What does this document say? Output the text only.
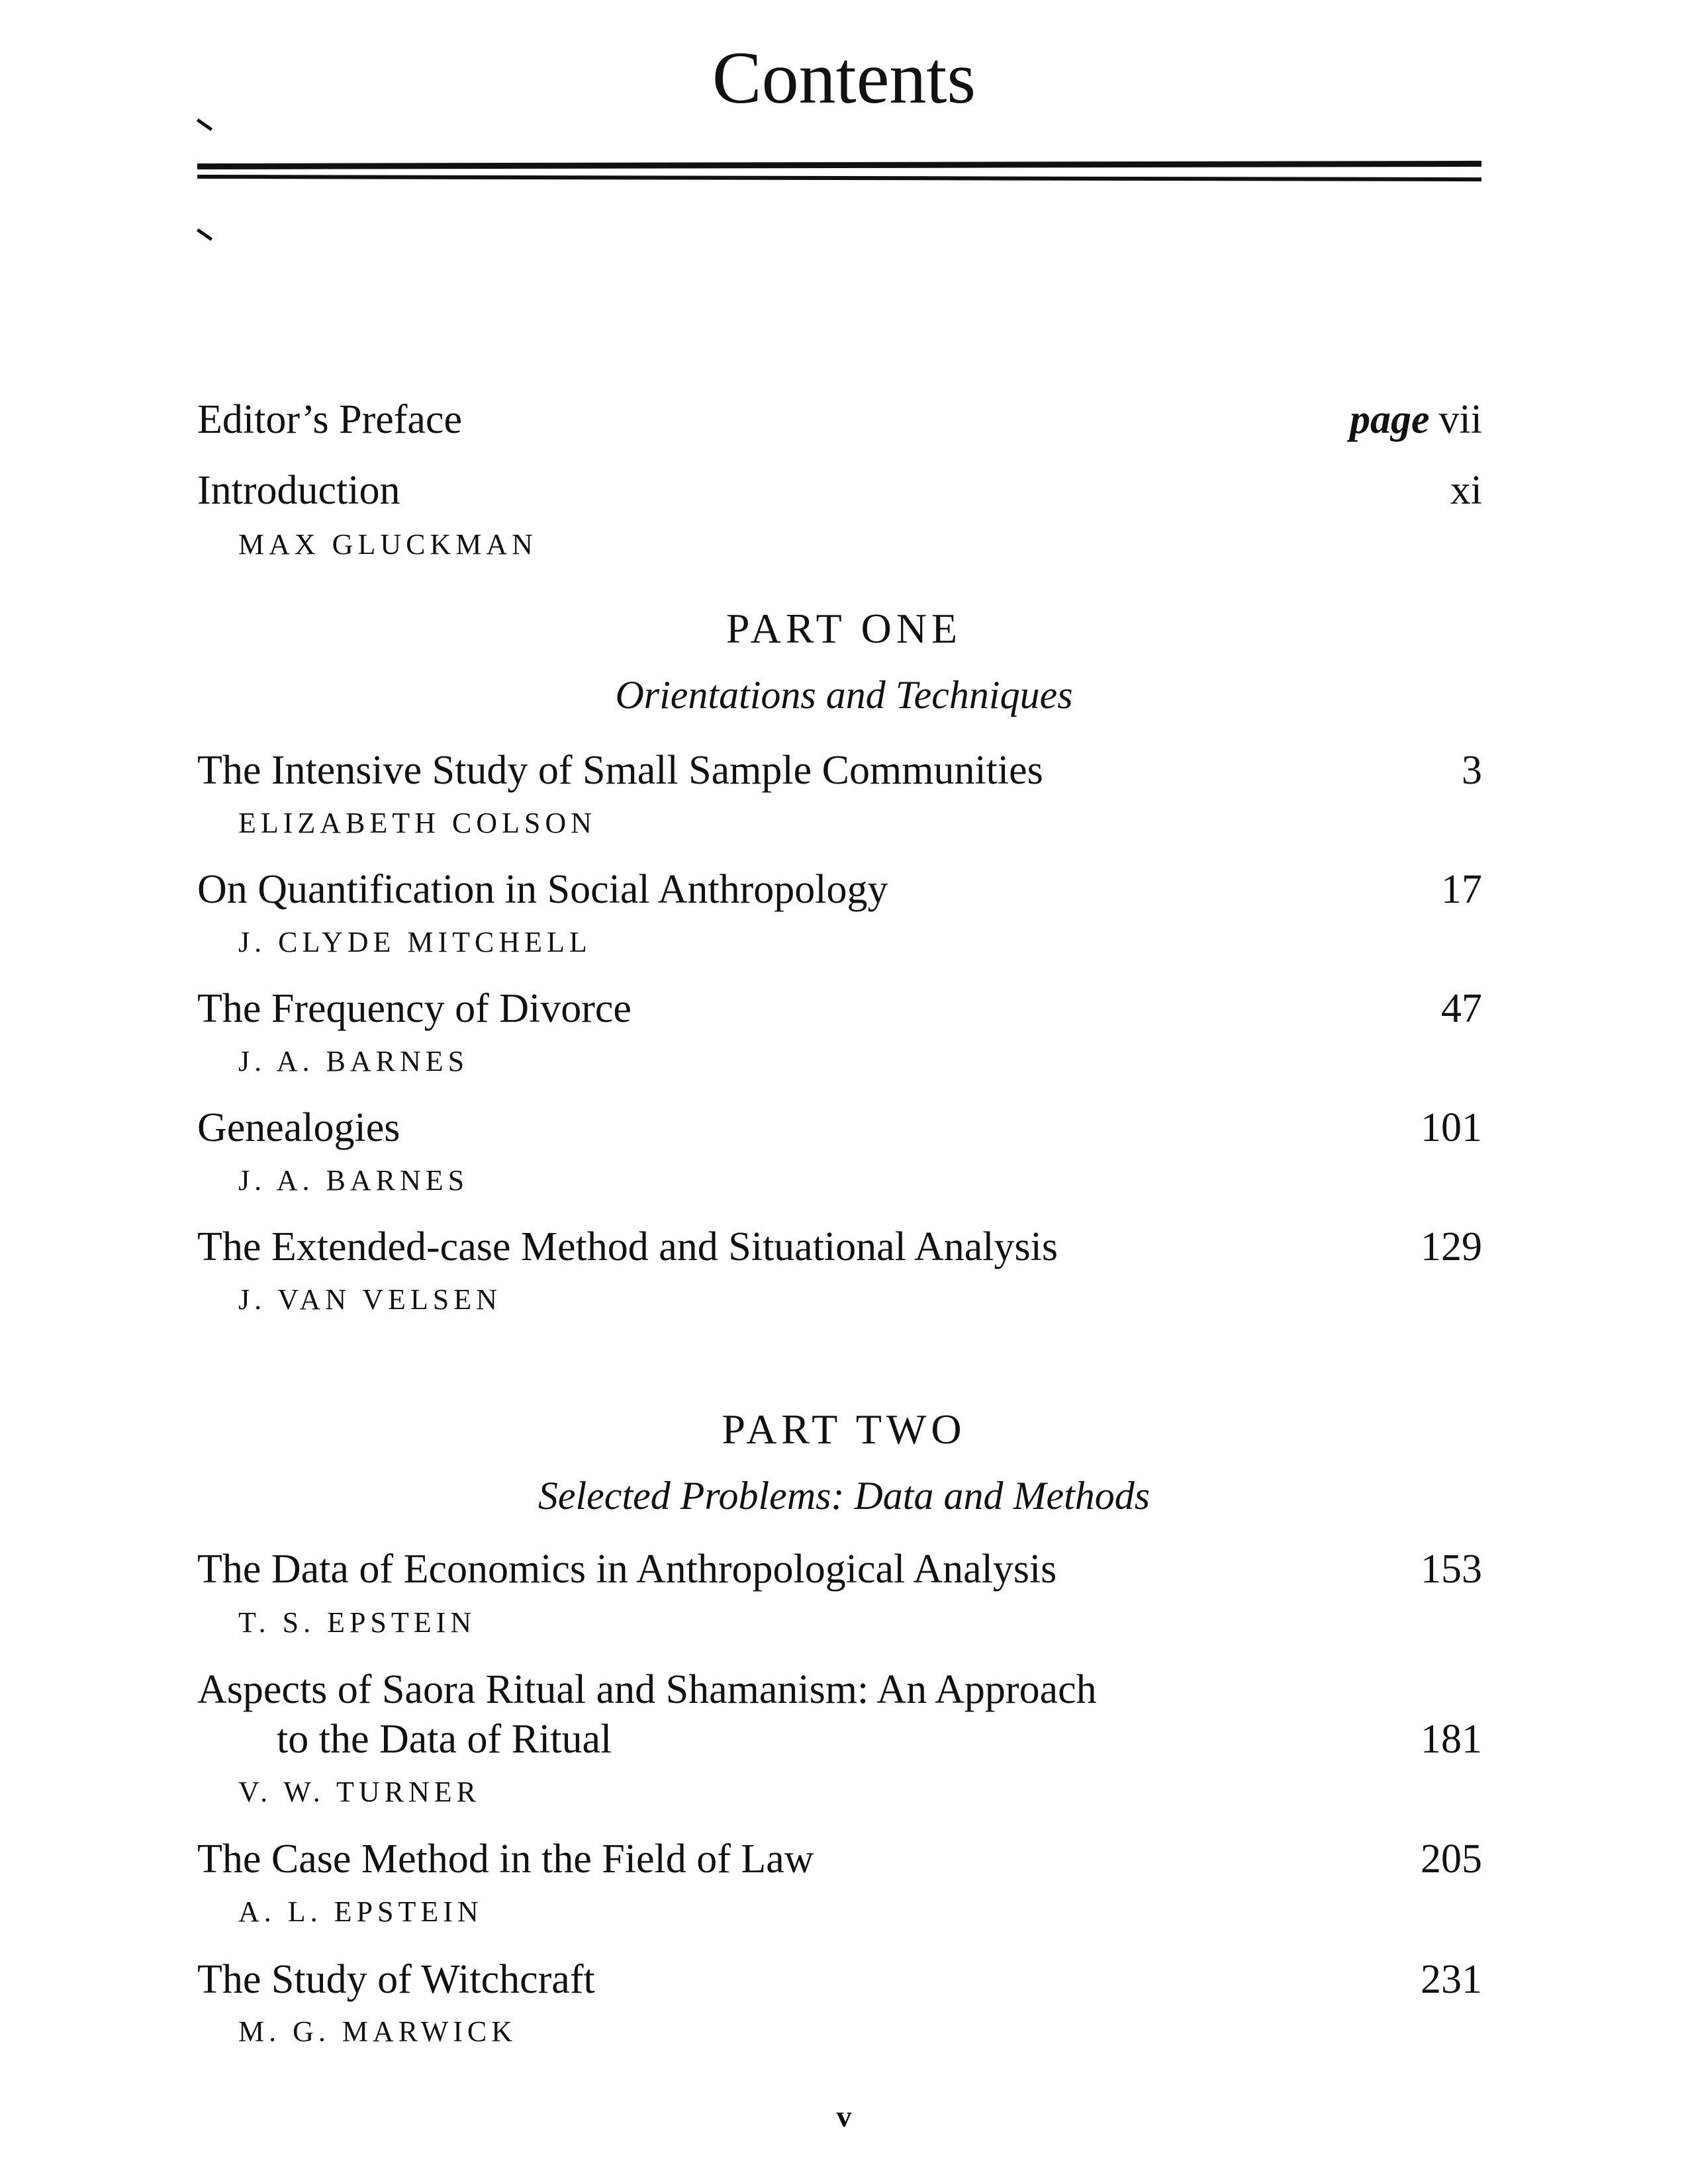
Contents
Editor’s Preface	page vii
Introduction	xi
MAX GLUCKMAN
PART ONE
Orientations and Techniques
The Intensive Study of Small Sample Communities	3
ELIZABETH COLSON
On Quantification in Social Anthropology	17
J. CLYDE MITCHELL
The Frequency of Divorce	47
J. A. BARNES
Genealogies	101
J. A. BARNES
The Extended-case Method and Situational Analysis	129
J. VAN VELSEN
PART TWO
Selected Problems: Data and Methods
The Data of Economics in Anthropological Analysis	153
T. S. EPSTEIN
Aspects of Saora Ritual and Shamanism: An Approach
to the Data of Ritual	181
V. W. TURNER
The Case Method in the Field of Law	205
A. L. EPSTEIN
The Study of Witchcraft	231
M. G. MARWICK
v
